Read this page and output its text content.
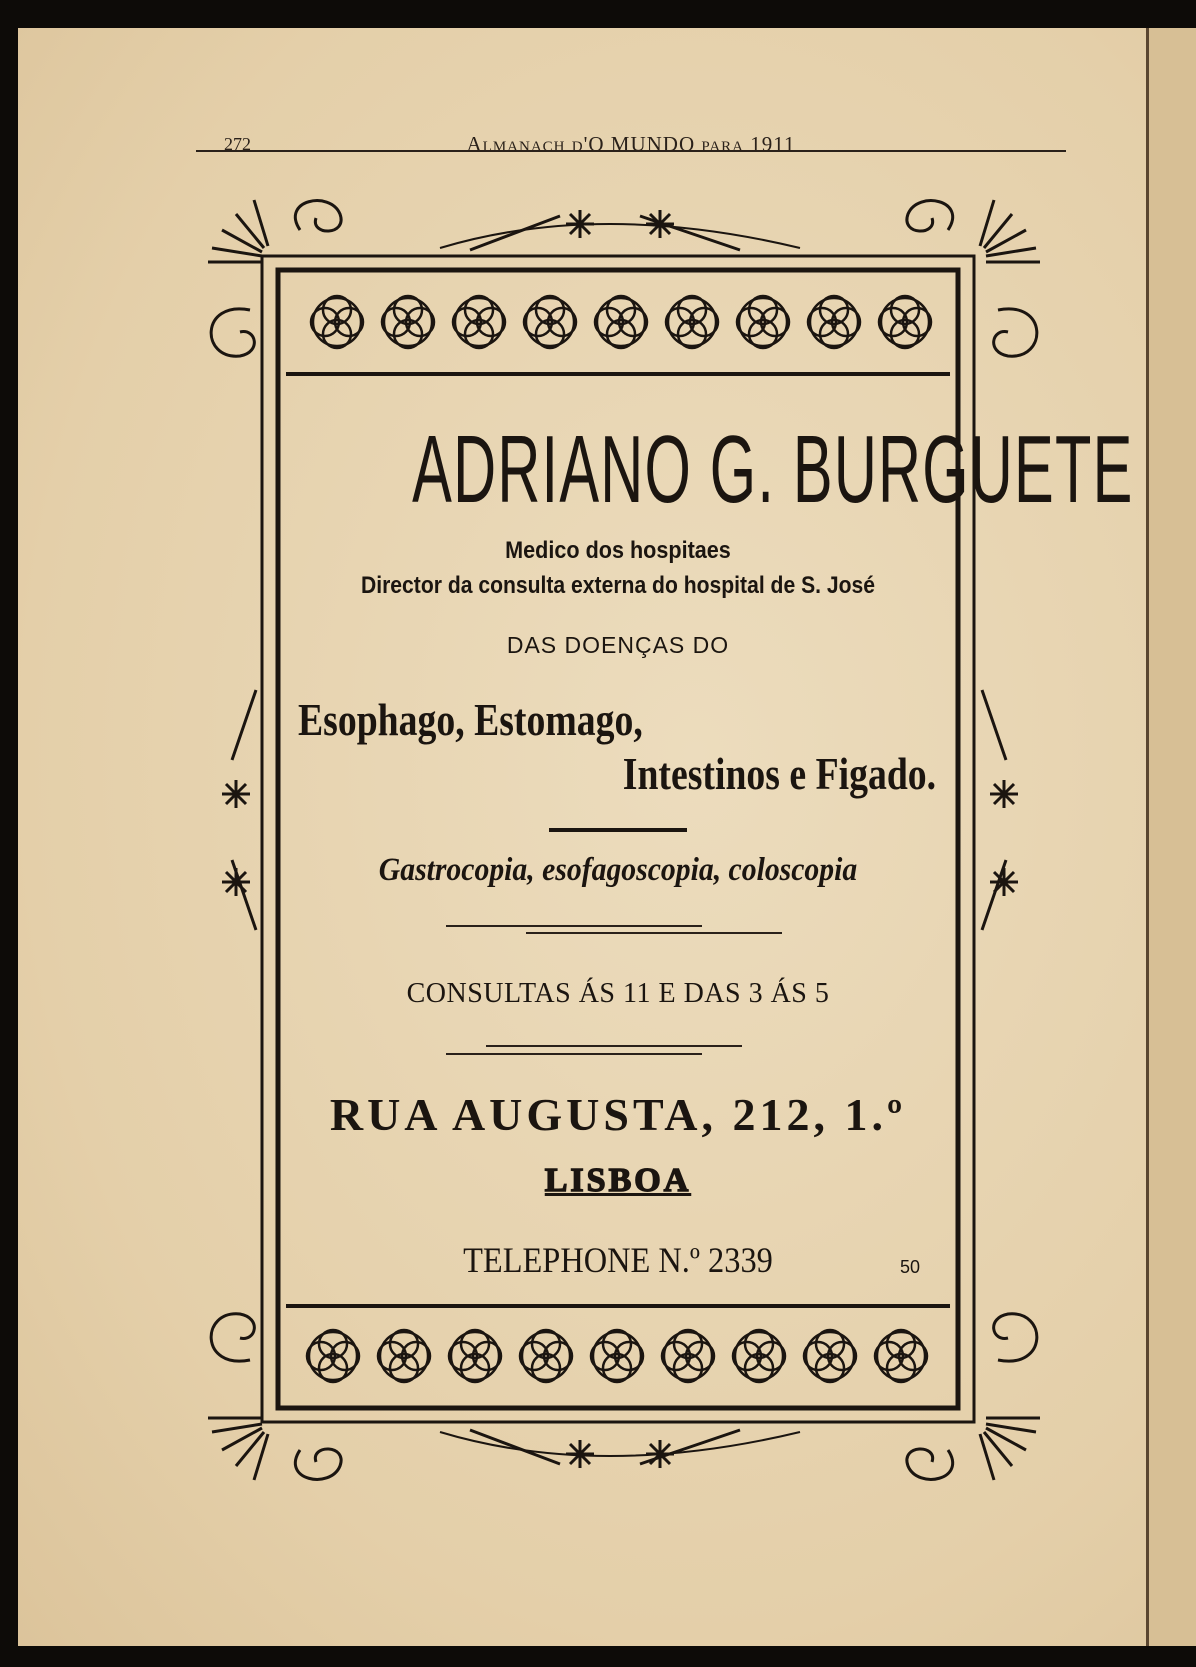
272	Almanach d'O MUNDO para 1911
ADRIANO G. BURGUETE
Medico dos hospitaes
Director da consulta externa do hospital de S. José
DAS DOENÇAS DO
Esophago, Estomago,
Intestinos e Figado.
Gastrocopia, esofagoscopia, coloscopia
CONSULTAS ÁS 11 E DAS 3 ÁS 5
RUA AUGUSTA, 212, 1.º
LISBOA
TELEPHONE N.º 2339	50
